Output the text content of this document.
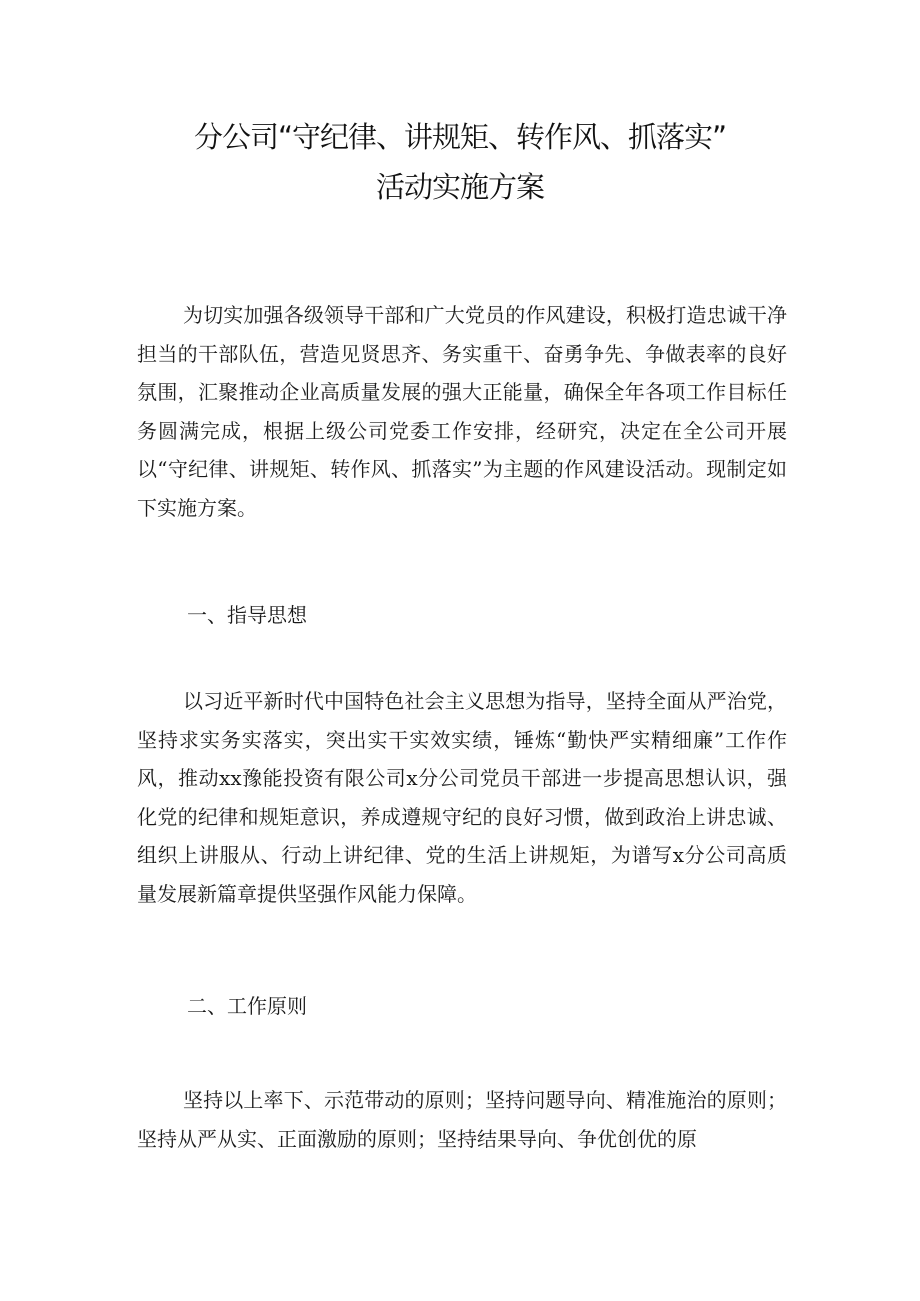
分公司“守纪律、讲规矩、转作风、抓落实”
活动实施方案

为切实加强各级领导干部和广大党员的作风建设，积极打造忠诚干净担当的干部队伍，营造见贤思齐、务实重干、奋勇争先、争做表率的良好氛围，汇聚推动企业高质量发展的强大正能量，确保全年各项工作目标任务圆满完成，根据上级公司党委工作安排，经研究，决定在全公司开展以“守纪律、讲规矩、转作风、抓落实”为主题的作风建设活动。现制定如下实施方案。

一、指导思想

以习近平新时代中国特色社会主义思想为指导，坚持全面从严治党，坚持求实务实落实，突出实干实效实绩，锤炼“勤快严实精细廉”工作作风，推动xx豫能投资有限公司x分公司党员干部进一步提高思想认识，强化党的纪律和规矩意识，养成遵规守纪的良好习惯，做到政治上讲忠诚、组织上讲服从、行动上讲纪律、党的生活上讲规矩，为谱写x分公司高质量发展新篇章提供坚强作风能力保障。

二、工作原则

坚持以上率下、示范带动的原则；坚持问题导向、精准施治的原则；坚持从严从实、正面激励的原则；坚持结果导向、争优创优的原
